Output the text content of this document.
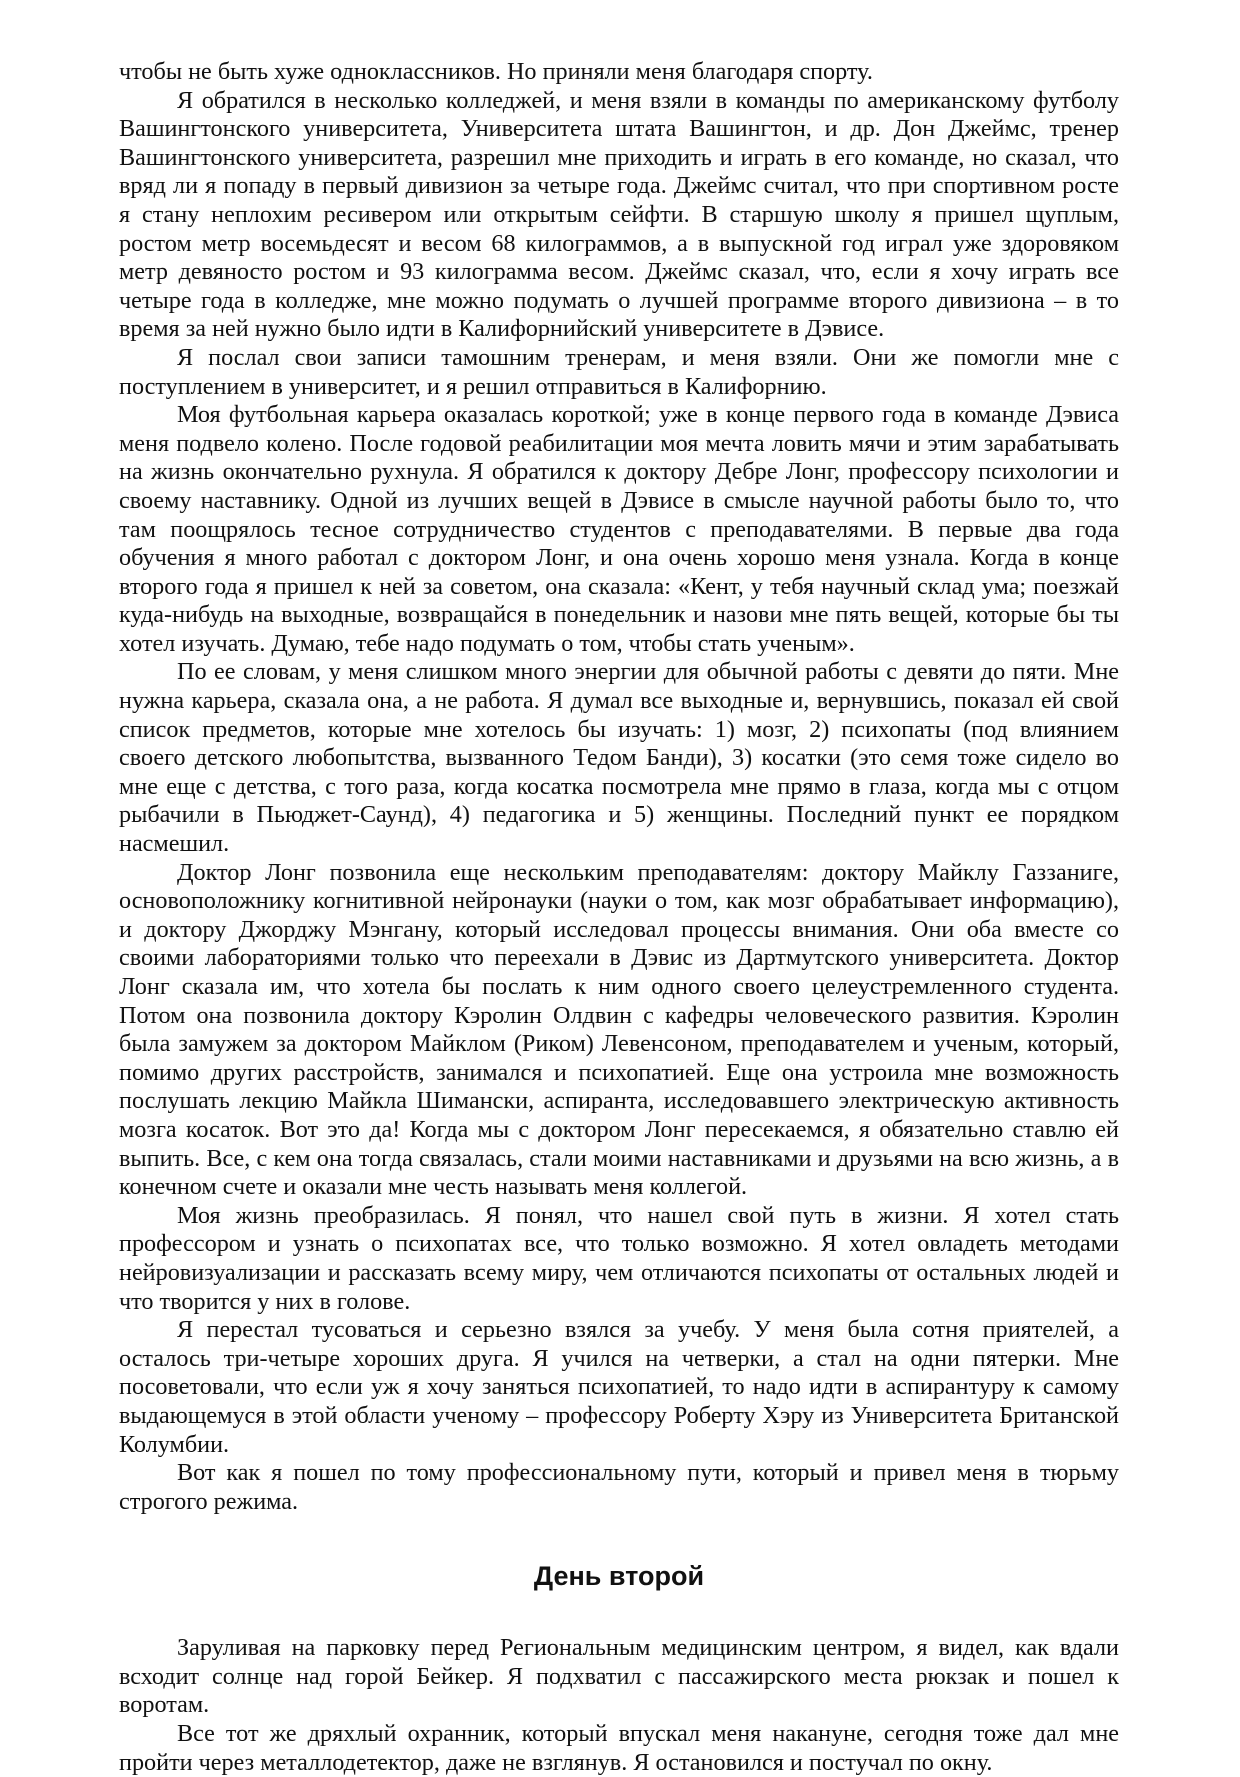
чтобы не быть хуже одноклассников. Но приняли меня благодаря спорту.

Я обратился в несколько колледжей, и меня взяли в команды по американскому футболу Вашингтонского университета, Университета штата Вашингтон, и др. Дон Джеймс, тренер Вашингтонского университета, разрешил мне приходить и играть в его команде, но сказал, что вряд ли я попаду в первый дивизион за четыре года. Джеймс считал, что при спортивном росте я стану неплохим ресивером или открытым сейфти. В старшую школу я пришел щуплым, ростом метр восемьдесят и весом 68 килограммов, а в выпускной год играл уже здоровяком метр девяносто ростом и 93 килограмма весом. Джеймс сказал, что, если я хочу играть все четыре года в колледже, мне можно подумать о лучшей программе второго дивизиона – в то время за ней нужно было идти в Калифорнийский университете в Дэвисе.

Я послал свои записи тамошним тренерам, и меня взяли. Они же помогли мне с поступлением в университет, и я решил отправиться в Калифорнию.

Моя футбольная карьера оказалась короткой; уже в конце первого года в команде Дэвиса меня подвело колено. После годовой реабилитации моя мечта ловить мячи и этим зарабатывать на жизнь окончательно рухнула. Я обратился к доктору Дебре Лонг, профессору психологии и своему наставнику. Одной из лучших вещей в Дэвисе в смысле научной работы было то, что там поощрялось тесное сотрудничество студентов с преподавателями. В первые два года обучения я много работал с доктором Лонг, и она очень хорошо меня узнала. Когда в конце второго года я пришел к ней за советом, она сказала: «Кент, у тебя научный склад ума; поезжай куда-нибудь на выходные, возвращайся в понедельник и назови мне пять вещей, которые бы ты хотел изучать. Думаю, тебе надо подумать о том, чтобы стать ученым».

По ее словам, у меня слишком много энергии для обычной работы с девяти до пяти. Мне нужна карьера, сказала она, а не работа. Я думал все выходные и, вернувшись, показал ей свой список предметов, которые мне хотелось бы изучать: 1) мозг, 2) психопаты (под влиянием своего детского любопытства, вызванного Тедом Банди), 3) косатки (это семя тоже сидело во мне еще с детства, с того раза, когда косатка посмотрела мне прямо в глаза, когда мы с отцом рыбачили в Пьюджет-Саунд), 4) педагогика и 5) женщины. Последний пункт ее порядком насмешил.

Доктор Лонг позвонила еще нескольким преподавателям: доктору Майклу Газзаниге, основоположнику когнитивной нейронауки (науки о том, как мозг обрабатывает информацию), и доктору Джорджу Мэнгану, который исследовал процессы внимания. Они оба вместе со своими лабораториями только что переехали в Дэвис из Дартмутского университета. Доктор Лонг сказала им, что хотела бы послать к ним одного своего целеустремленного студента. Потом она позвонила доктору Кэролин Олдвин с кафедры человеческого развития. Кэролин была замужем за доктором Майклом (Риком) Левенсоном, преподавателем и ученым, который, помимо других расстройств, занимался и психопатией. Еще она устроила мне возможность послушать лекцию Майкла Шимански, аспиранта, исследовавшего электрическую активность мозга косаток. Вот это да! Когда мы с доктором Лонг пересекаемся, я обязательно ставлю ей выпить. Все, с кем она тогда связалась, стали моими наставниками и друзьями на всю жизнь, а в конечном счете и оказали мне честь называть меня коллегой.

Моя жизнь преобразилась. Я понял, что нашел свой путь в жизни. Я хотел стать профессором и узнать о психопатах все, что только возможно. Я хотел овладеть методами нейровизуализации и рассказать всему миру, чем отличаются психопаты от остальных людей и что творится у них в голове.

Я перестал тусоваться и серьезно взялся за учебу. У меня была сотня приятелей, а осталось три-четыре хороших друга. Я учился на четверки, а стал на одни пятерки. Мне посоветовали, что если уж я хочу заняться психопатией, то надо идти в аспирантуру к самому выдающемуся в этой области ученому – профессору Роберту Хэру из Университета Британской Колумбии.

Вот как я пошел по тому профессиональному пути, который и привел меня в тюрьму строгого режима.

День второй

Заруливая на парковку перед Региональным медицинским центром, я видел, как вдали всходит солнце над горой Бейкер. Я подхватил с пассажирского места рюкзак и пошел к воротам.

Все тот же дряхлый охранник, который впускал меня накануне, сегодня тоже дал мне пройти через металлодетектор, даже не взглянув. Я остановился и постучал по окну.
